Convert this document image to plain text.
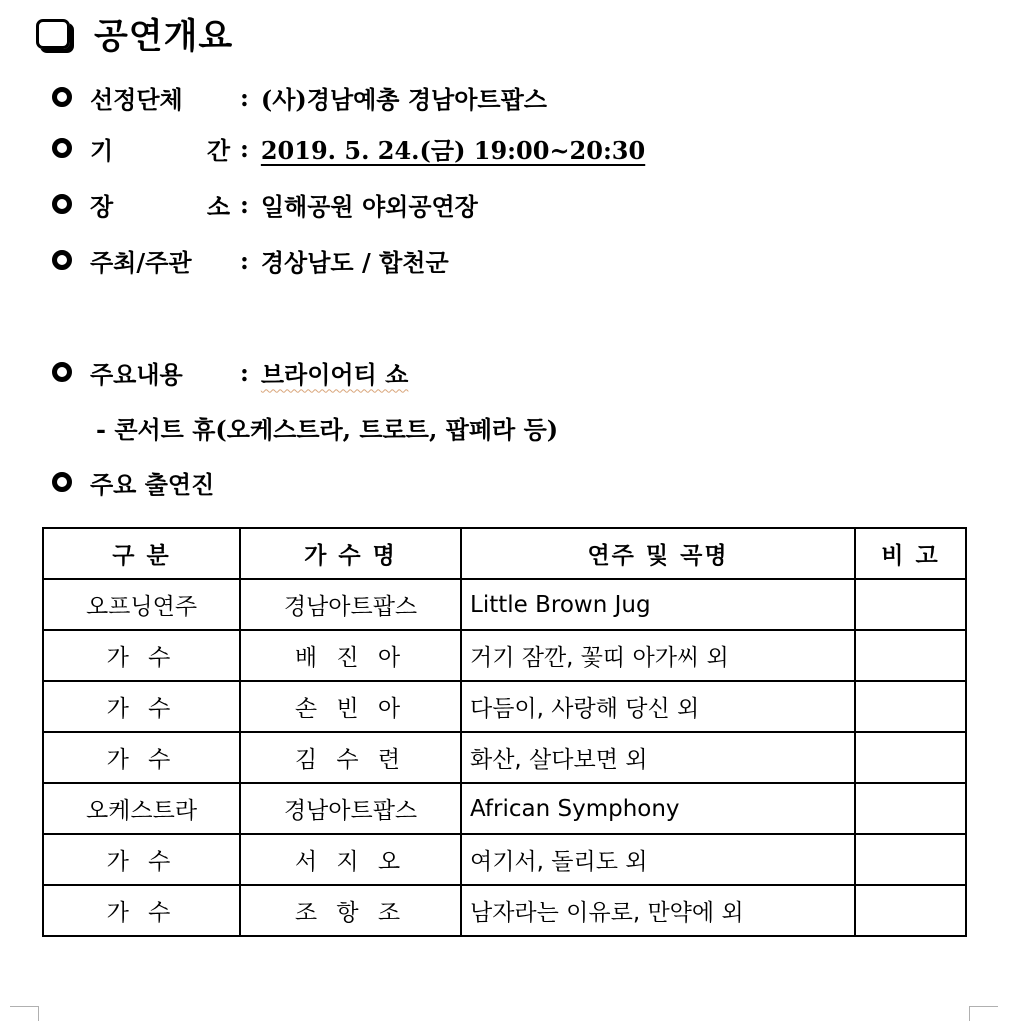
공연개요
선정단체	: (사)경남예총 경남아트팝스
기	간 : 2019. 5. 24.(금) 19:00~20:30
장	소 : 일해공원 야외공연장
주최/주관	: 경상남도 / 합천군
주요내용	: 브라이어티 쇼
- 콘서트 휴(오케스트라, 트로트, 팝페라 등)
주요 출연진
구 분	가 수 명	연주 및 곡명	비 고
오프닝연주	경남아트팝스	Little Brown Jug	
가 수	배 진 아	거기 잠깐, 꽃띠 아가씨 외	
가 수	손 빈 아	다듬이, 사랑해 당신 외	
가 수	김 수 련	화산, 살다보면 외	
오케스트라	경남아트팝스	African Symphony	
가 수	서 지 오	여기서, 돌리도 외	
가 수	조 항 조	남자라는 이유로, 만약에 외	
